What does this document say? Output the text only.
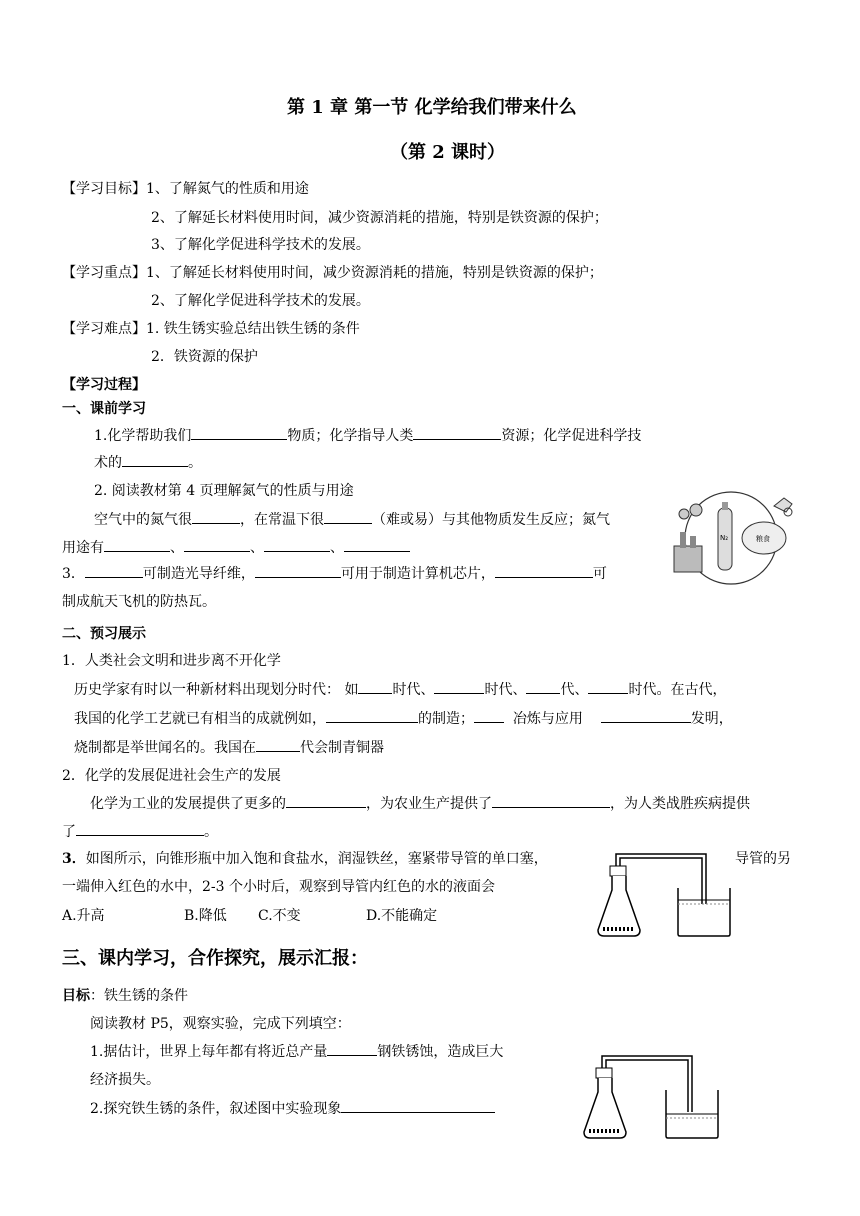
第 1 章 第一节 化学给我们带来什么
（第 2 课时）
【学习目标】1、了解氮气的性质和用途
2、了解延长材料使用时间，减少资源消耗的措施，特别是铁资源的保护；
3、了解化学促进科学技术的发展。
【学习重点】1、了解延长材料使用时间，减少资源消耗的措施，特别是铁资源的保护；
2、了解化学促进科学技术的发展。
【学习难点】1. 铁生锈实验总结出铁生锈的条件
2．铁资源的保护
【学习过程】
一、课前学习
1.化学帮助我们	物质；化学指导人类	资源；化学促进科学技
术的	。
2. 阅读教材第 4 页理解氮气的性质与用途
空气中的氮气很	，在常温下很	（难或易）与其他物质发生反应；氮气
用途有	、	、	、
3．	可制造光导纤维，	可用于制造计算机芯片，	可
制成航天飞机的防热瓦。
N₂	粮食
二、预习展示
1．人类社会文明和进步离不开化学
历史学家有时以一种新材料出现划分时代： 如 时代、	时代、 代、	时代。在古代，
我国的化学工艺就已有相当的成就例如，	的制造；	冶炼与应用	发明，
烧制都是举世闻名的。我国在	代会制青铜器
2．化学的发展促进社会生产的发展
化学为工业的发展提供了更多的	，为农业生产提供了	，为人类战胜疾病提供
了	。
3．如图所示，向锥形瓶中加入饱和食盐水，润湿铁丝，塞紧带导管的单口塞，	导管的另
一端伸入红色的水中，2-3 个小时后，观察到导管内红色的水的液面会
A.升高	B.降低 C.不变	D.不能确定
三、课内学习，合作探究，展示汇报：
目标：铁生锈的条件
阅读教材 P5，观察实验，完成下列填空：
1.据估计，世界上每年都有将近总产量	钢铁锈蚀，造成巨大
经济损失。
2.探究铁生锈的条件，叙述图中实验现象
